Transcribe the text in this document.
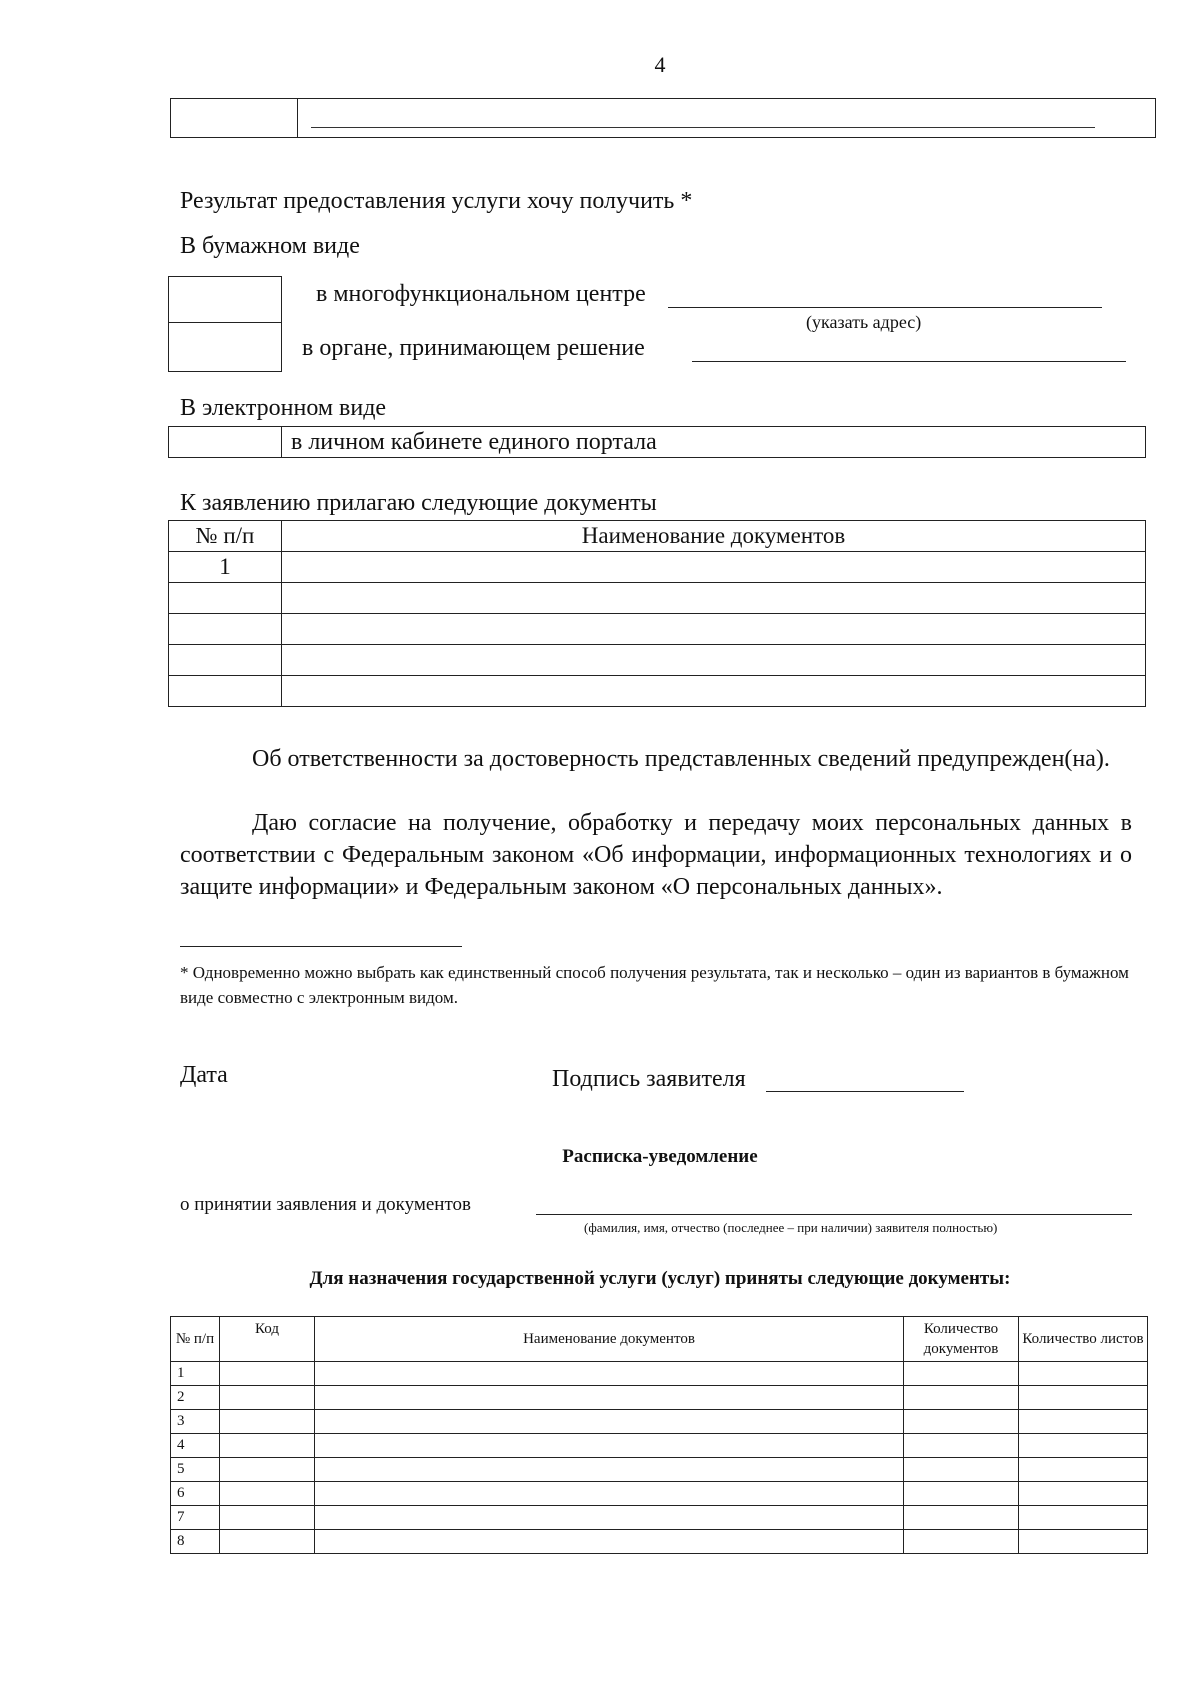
4
Результат предоставления услуги хочу получить *
В бумажном виде
в многофункциональном центре
(указать адрес)
в органе, принимающем решение
В электронном виде
в личном кабинете единого портала
К заявлению прилагаю следующие документы
№ п/п	Наименование документов
1	

Об ответственности за достоверность представленных сведений предупрежден(на).
Даю согласие на получение, обработку и передачу моих персональных данных в соответствии с Федеральным законом «Об информации, информационных технологиях и о защите информации» и Федеральным законом «О персональных данных».
* Одновременно можно выбрать как единственный способ получения результата, так и несколько – один из вариантов в бумажном виде совместно с электронным видом.
Дата	Подпись заявителя
Расписка-уведомление
о принятии заявления и документов
(фамилия, имя, отчество (последнее – при наличии) заявителя полностью)
Для назначения государственной услуги (услуг) приняты следующие документы:
№ п/п	Код	Наименование документов	Количество документов	Количество листов
1				
2				
3				
4				
5				
6				
7				
8				
